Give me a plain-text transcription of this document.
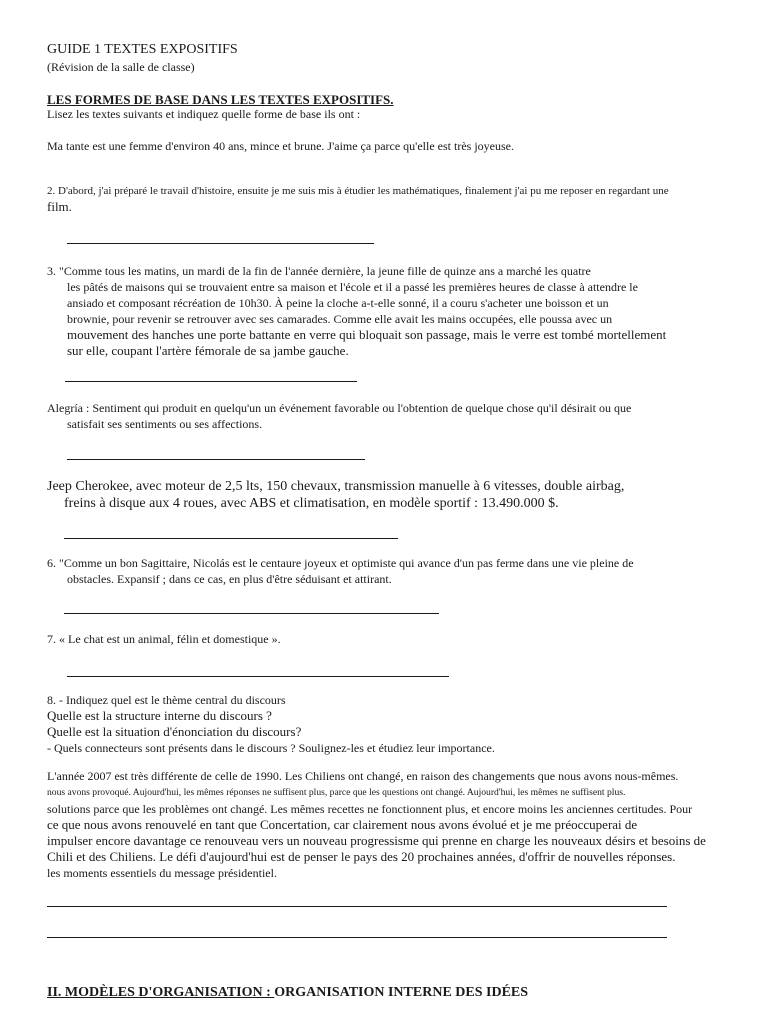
GUIDE 1 TEXTES EXPOSITIFS
(Révision de la salle de classe)
LES FORMES DE BASE DANS LES TEXTES EXPOSITIFS.
Lisez les textes suivants et indiquez quelle forme de base ils ont :
Ma tante est une femme d'environ 40 ans, mince et brune. J'aime ça parce qu'elle est très joyeuse.

2. D'abord, j'ai préparé le travail d'histoire, ensuite je me suis mis à étudier les mathématiques, finalement j'ai pu me reposer en regardant une

film.

3. "Comme tous les matins, un mardi de la fin de l'année dernière, la jeune fille de quinze ans a marché les quatre

les pâtés de maisons qui se trouvaient entre sa maison et l'école et il a passé les premières heures de classe à attendre le

ansiado et composant récréation de 10h30. À peine la cloche a-t-elle sonné, il a couru s'acheter une boisson et un

brownie, pour revenir se retrouver avec ses camarades. Comme elle avait les mains occupées, elle poussa avec un

mouvement des hanches une porte battante en verre qui bloquait son passage, mais le verre est tombé mortellement

sur elle, coupant l'artère fémorale de sa jambe gauche.

Alegría : Sentiment qui produit en quelqu'un un événement favorable ou l'obtention de quelque chose qu'il désirait ou que

satisfait ses sentiments ou ses affections.

Jeep Cherokee, avec moteur de 2,5 lts, 150 chevaux, transmission manuelle à 6 vitesses, double airbag,

freins à disque aux 4 roues, avec ABS et climatisation, en modèle sportif : 13.490.000 $.

6. "Comme un bon Sagittaire, Nicolás est le centaure joyeux et optimiste qui avance d'un pas ferme dans une vie pleine de

obstacles. Expansif ; dans ce cas, en plus d'être séduisant et attirant.

7. « Le chat est un animal, félin et domestique ».

8. - Indiquez quel est le thème central du discours

Quelle est la structure interne du discours ?

Quelle est la situation d'énonciation du discours?

- Quels connecteurs sont présents dans le discours ? Soulignez-les et étudiez leur importance.

L'année 2007 est très différente de celle de 1990. Les Chiliens ont changé, en raison des changements que nous avons nous-mêmes.

nous avons provoqué. Aujourd'hui, les mêmes réponses ne suffisent plus, parce que les questions ont changé. Aujourd'hui, les mêmes ne suffisent plus.

solutions parce que les problèmes ont changé. Les mêmes recettes ne fonctionnent plus, et encore moins les anciennes certitudes. Pour

ce que nous avons renouvelé en tant que Concertation, car clairement nous avons évolué et je me préoccuperai de

impulser encore davantage ce renouveau vers un nouveau progressisme qui prenne en charge les nouveaux désirs et besoins de

Chili et des Chiliens. Le défi d'aujourd'hui est de penser le pays des 20 prochaines années, d'offrir de nouvelles réponses.

les moments essentiels du message présidentiel.

II. MODÈLES D'ORGANISATION : ORGANISATION INTERNE DES IDÉES
